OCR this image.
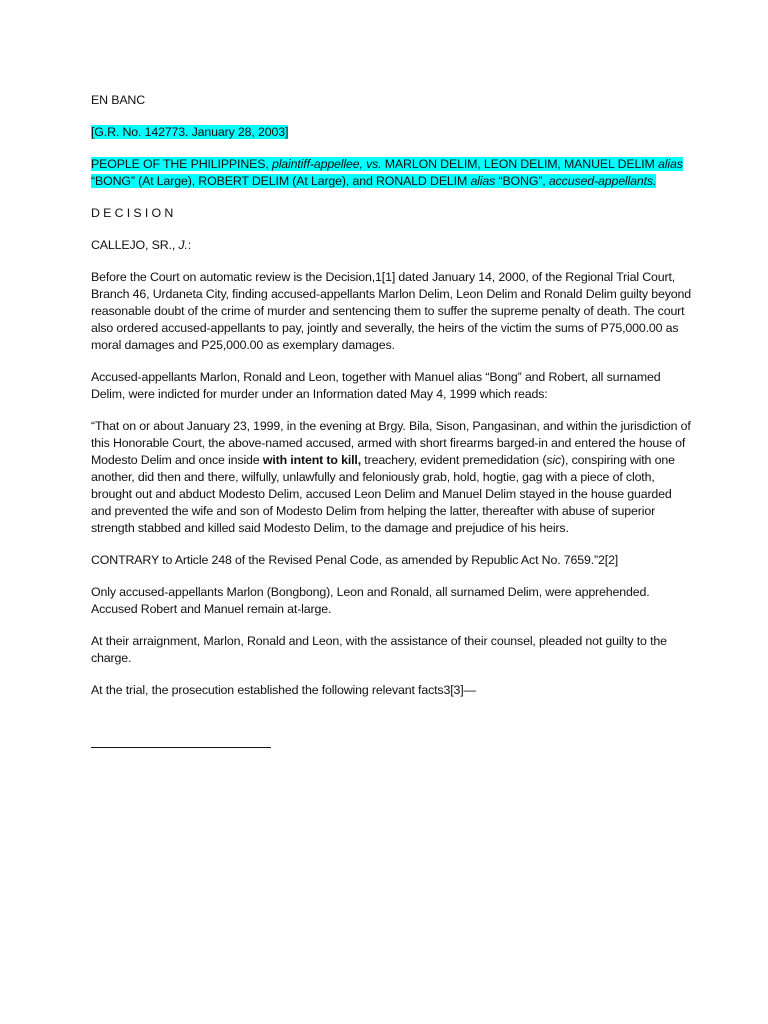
EN BANC

[G.R. No. 142773. January 28, 2003]

PEOPLE OF THE PHILIPPINES, plaintiff-appellee, vs. MARLON DELIM, LEON DELIM, MANUEL DELIM alias “BONG” (At Large), ROBERT DELIM (At Large), and RONALD DELIM alias “BONG”, accused-appellants.

DECISION

CALLEJO, SR., J.:

Before the Court on automatic review is the Decision,1[1] dated January 14, 2000, of the Regional Trial Court, Branch 46, Urdaneta City, finding accused-appellants Marlon Delim, Leon Delim and Ronald Delim guilty beyond reasonable doubt of the crime of murder and sentencing them to suffer the supreme penalty of death. The court also ordered accused-appellants to pay, jointly and severally, the heirs of the victim the sums of P75,000.00 as moral damages and P25,000.00 as exemplary damages.

Accused-appellants Marlon, Ronald and Leon, together with Manuel alias “Bong” and Robert, all surnamed Delim, were indicted for murder under an Information dated May 4, 1999 which reads:

“That on or about January 23, 1999, in the evening at Brgy. Bila, Sison, Pangasinan, and within the jurisdiction of this Honorable Court, the above-named accused, armed with short firearms barged-in and entered the house of Modesto Delim and once inside with intent to kill, treachery, evident premedidation (sic), conspiring with one another, did then and there, wilfully, unlawfully and feloniously grab, hold, hogtie, gag with a piece of cloth, brought out and abduct Modesto Delim, accused Leon Delim and Manuel Delim stayed in the house guarded and prevented the wife and son of Modesto Delim from helping the latter, thereafter with abuse of superior strength stabbed and killed said Modesto Delim, to the damage and prejudice of his heirs.

CONTRARY to Article 248 of the Revised Penal Code, as amended by Republic Act No. 7659.”2[2]

Only accused-appellants Marlon (Bongbong), Leon and Ronald, all surnamed Delim, were apprehended. Accused Robert and Manuel remain at-large.

At their arraignment, Marlon, Ronald and Leon, with the assistance of their counsel, pleaded not guilty to the charge.

At the trial, the prosecution established the following relevant facts3[3]—
